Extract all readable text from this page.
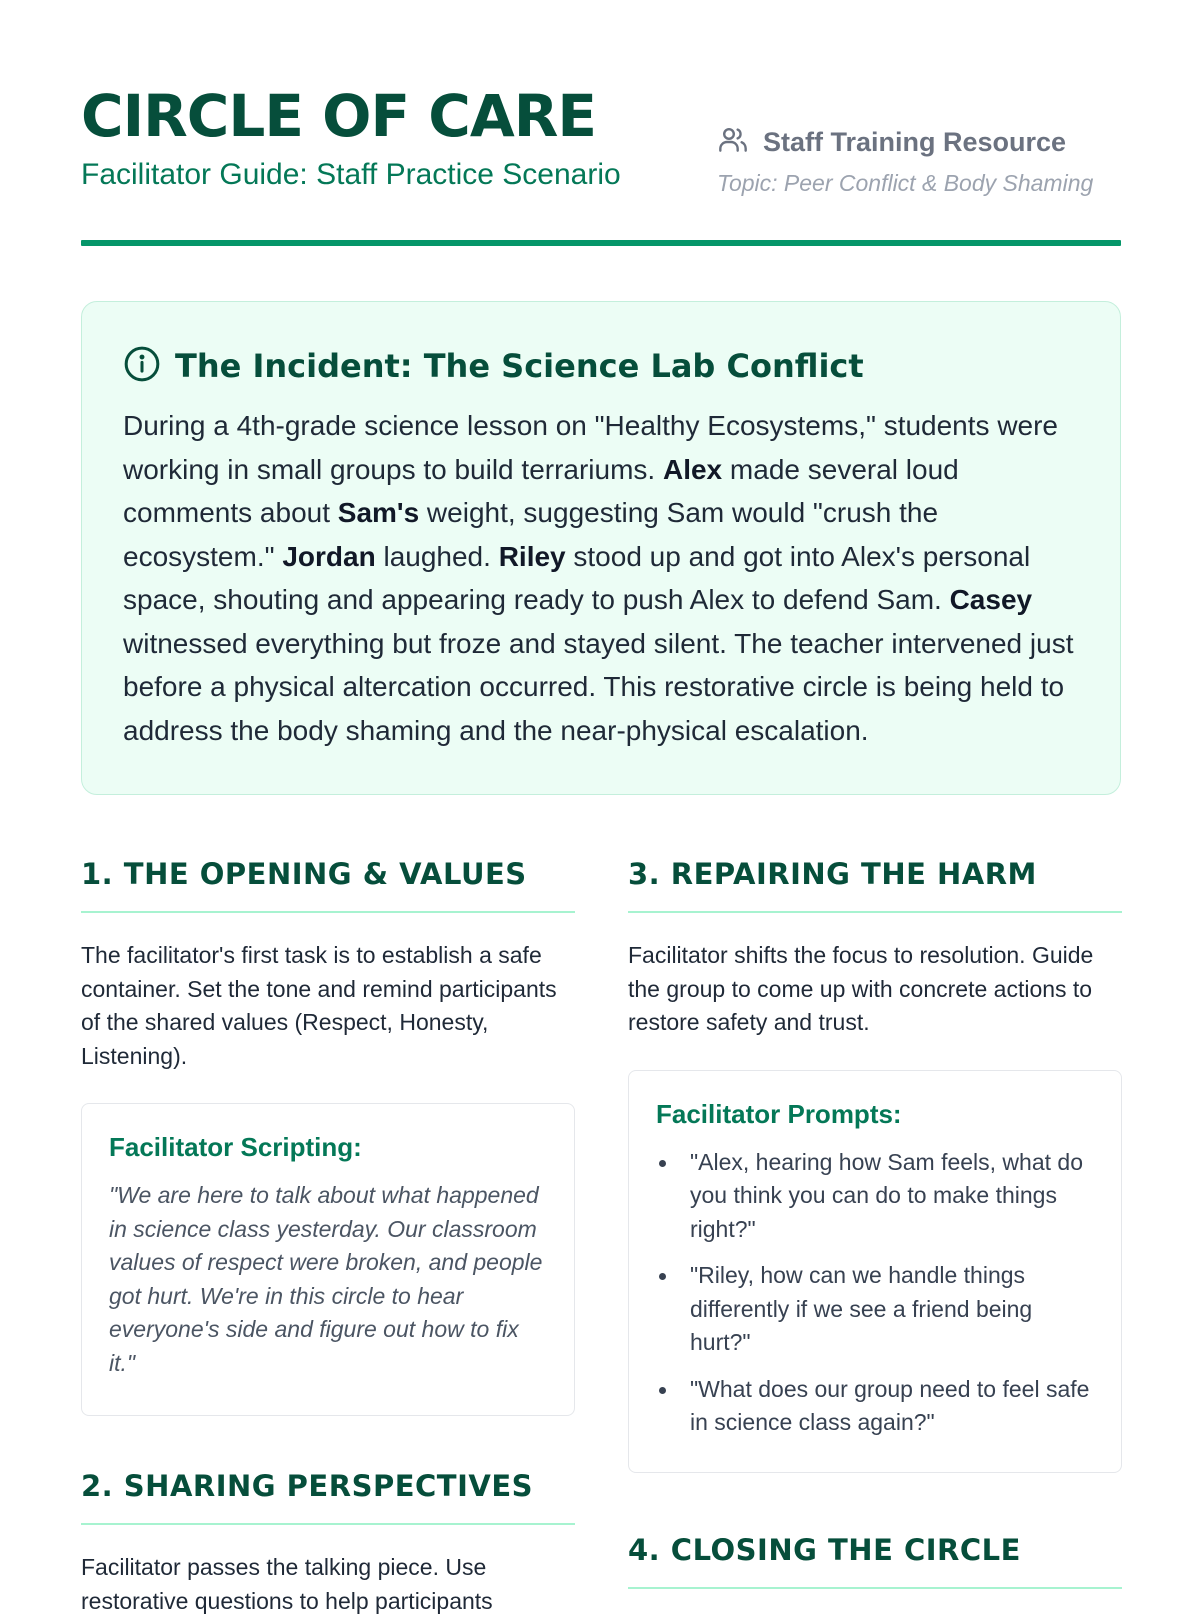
CIRCLE OF CARE

Facilitator Guide: Staff Practice Scenario

Staff Training Resource
Topic: Peer Conflict & Body Shaming
The Incident: The Science Lab Conflict

During a 4th-grade science lesson on "Healthy Ecosystems," students were working in small groups to build terrariums. Alex made several loud comments about Sam's weight, suggesting Sam would "crush the ecosystem." Jordan laughed. Riley stood up and got into Alex's personal space, shouting and appearing ready to push Alex to defend Sam. Casey witnessed everything but froze and stayed silent. The teacher intervened just before a physical altercation occurred. This restorative circle is being held to address the body shaming and the near-physical escalation.

1. THE OPENING & VALUES

The facilitator's first task is to establish a safe container. Set the tone and remind participants of the shared values (Respect, Honesty, Listening).

Facilitator Scripting:

"We are here to talk about what happened in science class yesterday. Our classroom values of respect were broken, and people got hurt. We're in this circle to hear everyone's side and figure out how to fix it."

2. SHARING PERSPECTIVES

Facilitator passes the talking piece. Use restorative questions to help participants

3. REPAIRING THE HARM

Facilitator shifts the focus to resolution. Guide the group to come up with concrete actions to restore safety and trust.

Facilitator Prompts:

"Alex, hearing how Sam feels, what do you think you can do to make things right?"
"Riley, how can we handle things differently if we see a friend being hurt?"
"What does our group need to feel safe in science class again?"
4. CLOSING THE CIRCLE
